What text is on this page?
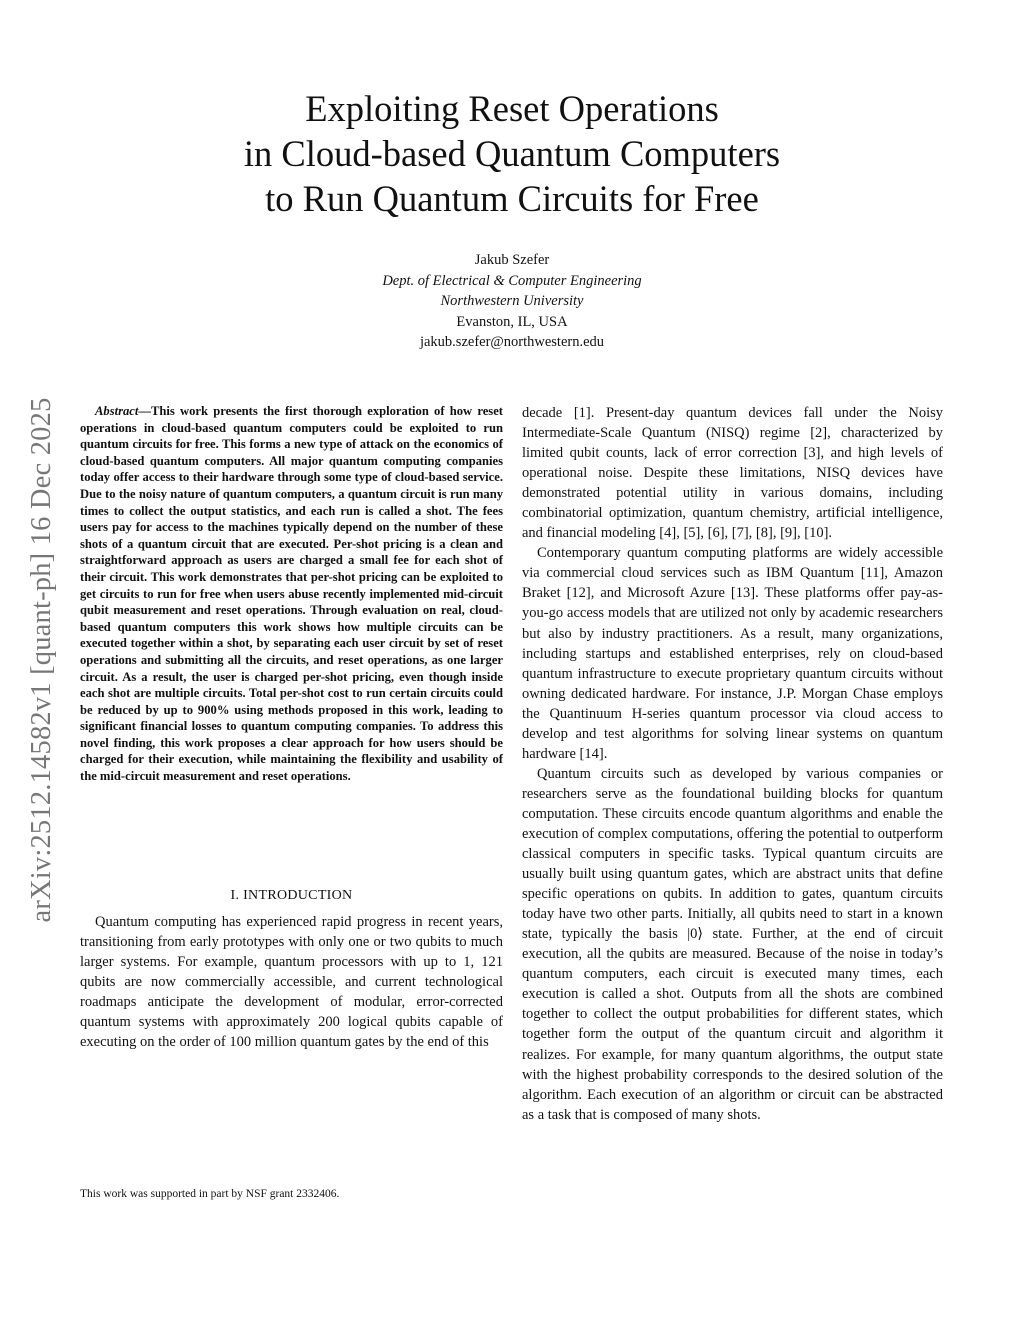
arXiv:2512.14582v1 [quant-ph] 16 Dec 2025
Exploiting Reset Operations
in Cloud-based Quantum Computers
to Run Quantum Circuits for Free
Jakub Szefer
Dept. of Electrical & Computer Engineering
Northwestern University
Evanston, IL, USA
jakub.szefer@northwestern.edu

Abstract—This work presents the first thorough exploration of how reset operations in cloud-based quantum computers could be exploited to run quantum circuits for free. This forms a new type of attack on the economics of cloud-based quantum computers. All major quantum computing companies today offer access to their hardware through some type of cloud-based service. Due to the noisy nature of quantum computers, a quantum circuit is run many times to collect the output statistics, and each run is called a shot. The fees users pay for access to the machines typically depend on the number of these shots of a quantum circuit that are executed. Per-shot pricing is a clean and straightforward approach as users are charged a small fee for each shot of their circuit. This work demonstrates that per-shot pricing can be exploited to get circuits to run for free when users abuse recently implemented mid-circuit qubit measurement and reset operations. Through evaluation on real, cloud-based quantum computers this work shows how multiple circuits can be executed together within a shot, by separating each user circuit by set of reset operations and submitting all the circuits, and reset operations, as one larger circuit. As a result, the user is charged per-shot pricing, even though inside each shot are multiple circuits. Total per-shot cost to run certain circuits could be reduced by up to 900% using methods proposed in this work, leading to significant financial losses to quantum computing companies. To address this novel finding, this work proposes a clear approach for how users should be charged for their execution, while maintaining the flexibility and usability of the mid-circuit measurement and reset operations.

I. INTRODUCTION

Quantum computing has experienced rapid progress in recent years, transitioning from early prototypes with only one or two qubits to much larger systems. For example, quantum processors with up to 1, 121 qubits are now commercially accessible, and current technological roadmaps anticipate the development of modular, error-corrected quantum systems with approximately 200 logical qubits capable of executing on the order of 100 million quantum gates by the end of this

decade [1]. Present-day quantum devices fall under the Noisy Intermediate-Scale Quantum (NISQ) regime [2], characterized by limited qubit counts, lack of error correction [3], and high levels of operational noise. Despite these limitations, NISQ devices have demonstrated potential utility in various domains, including combinatorial optimization, quantum chemistry, artificial intelligence, and financial modeling [4], [5], [6], [7], [8], [9], [10].

Contemporary quantum computing platforms are widely accessible via commercial cloud services such as IBM Quantum [11], Amazon Braket [12], and Microsoft Azure [13]. These platforms offer pay-as-you-go access models that are utilized not only by academic researchers but also by industry practitioners. As a result, many organizations, including startups and established enterprises, rely on cloud-based quantum infrastructure to execute proprietary quantum circuits without owning dedicated hardware. For instance, J.P. Morgan Chase employs the Quantinuum H-series quantum processor via cloud access to develop and test algorithms for solving linear systems on quantum hardware [14].

Quantum circuits such as developed by various companies or researchers serve as the foundational building blocks for quantum computation. These circuits encode quantum algorithms and enable the execution of complex computations, offering the potential to outperform classical computers in specific tasks. Typical quantum circuits are usually built using quantum gates, which are abstract units that define specific operations on qubits. In addition to gates, quantum circuits today have two other parts. Initially, all qubits need to start in a known state, typically the basis |0⟩ state. Further, at the end of circuit execution, all the qubits are measured. Because of the noise in today’s quantum computers, each circuit is executed many times, each execution is called a shot. Outputs from all the shots are combined together to collect the output probabilities for different states, which together form the output of the quantum circuit and algorithm it realizes. For example, for many quantum algorithms, the output state with the highest probability corresponds to the desired solution of the algorithm. Each execution of an algorithm or circuit can be abstracted as a task that is composed of many shots.

This work was supported in part by NSF grant 2332406.
